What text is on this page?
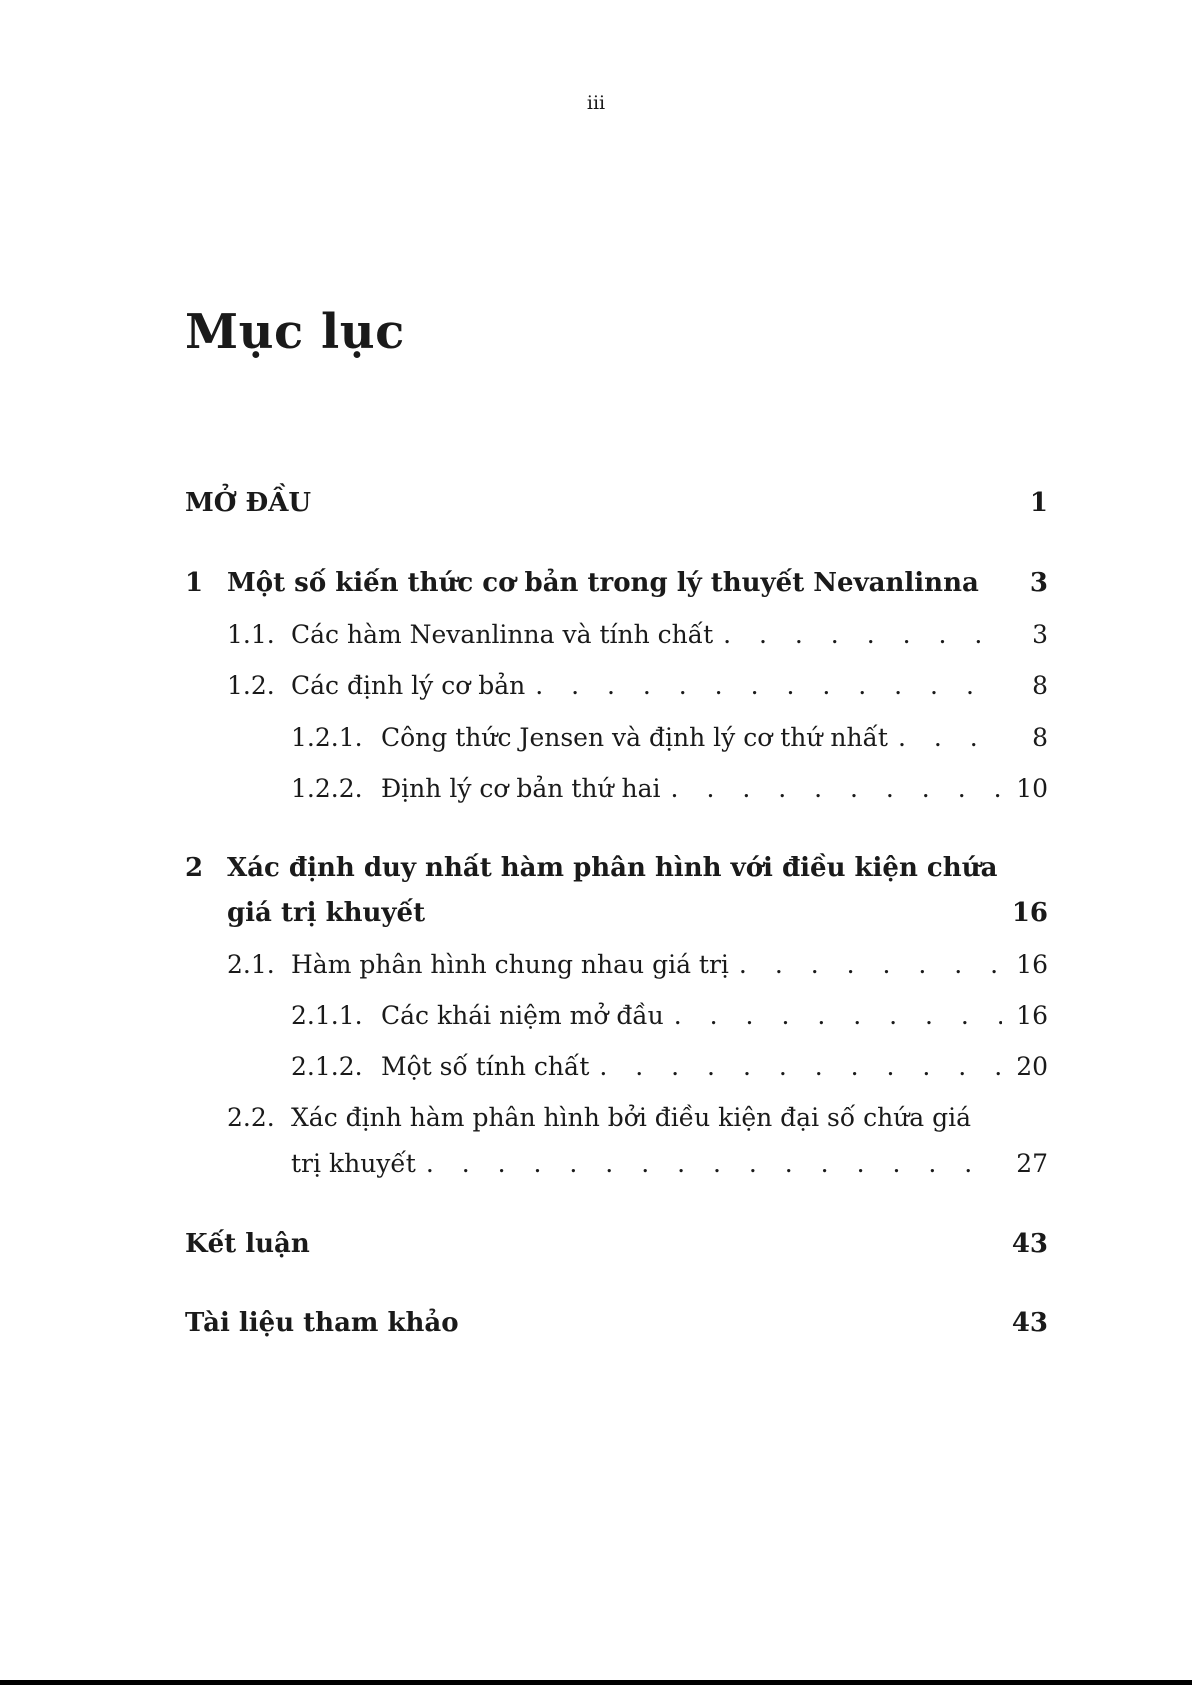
iii
Mục lục
MỞ ĐẦU	1
1 Một số kiến thức cơ bản trong lý thuyết Nevanlinna	3
1.1. Các hàm Nevanlinna và tính chất . . .	3
1.2. Các định lý cơ bản . . .	8
1.2.1. Công thức Jensen và định lý cơ thứ nhất . . .	8
1.2.2. Định lý cơ bản thứ hai . . .	10
2 Xác định duy nhất hàm phân hình với điều kiện chứa
giá trị khuyết	16
2.1. Hàm phân hình chung nhau giá trị . . .	16
2.1.1. Các khái niệm mở đầu . . .	16
2.1.2. Một số tính chất . . .	20
2.2. Xác định hàm phân hình bởi điều kiện đại số chứa giá
trị khuyết . . .	27
Kết luận	43
Tài liệu tham khảo	43
